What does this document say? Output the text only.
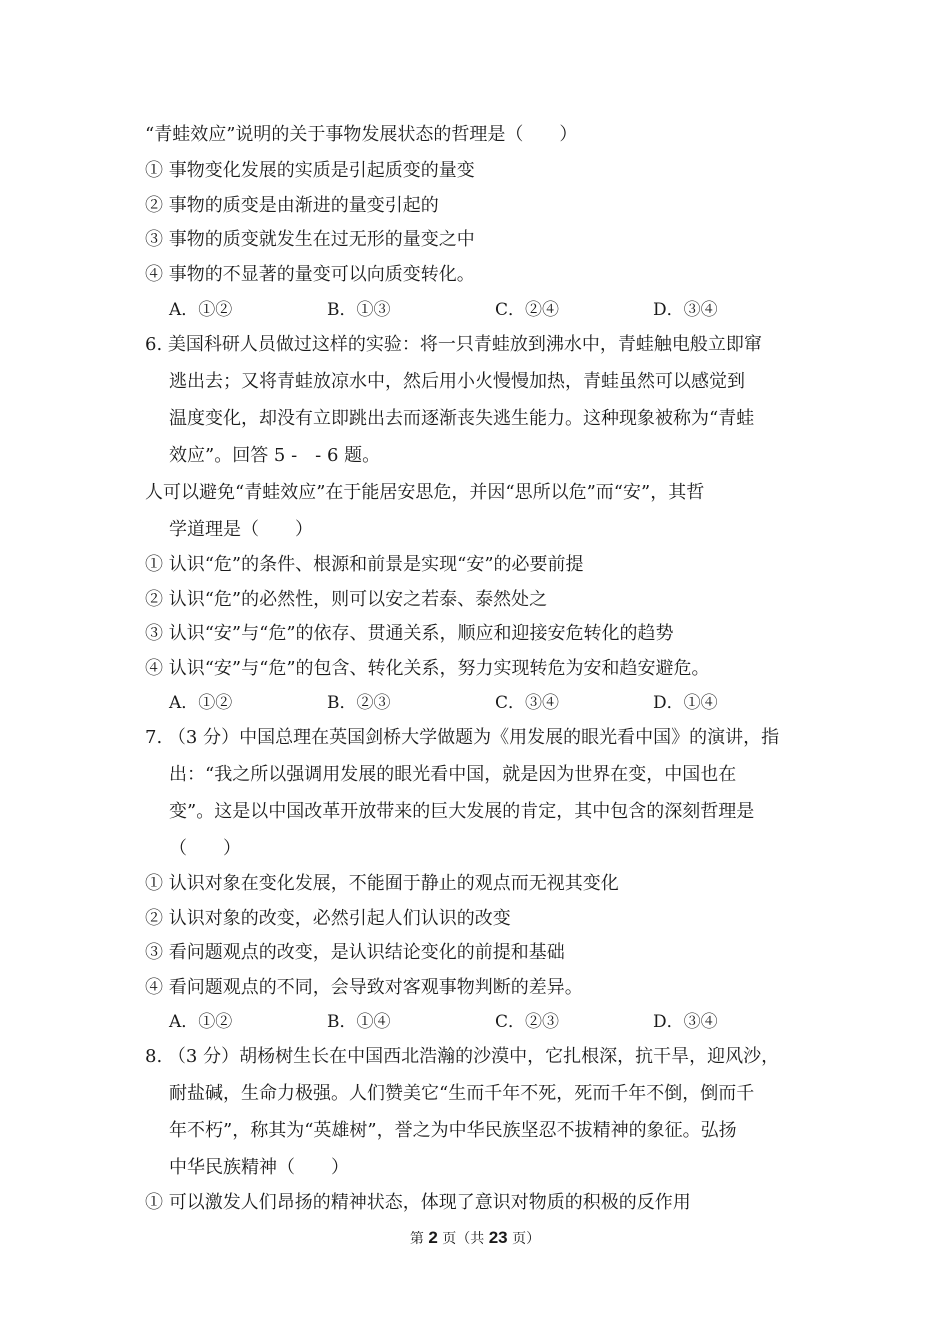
“青蛙效应”说明的关于事物发展状态的哲理是（　　）
① 事物变化发展的实质是引起质变的量变
② 事物的质变是由渐进的量变引起的
③ 事物的质变就发生在过无形的量变之中
④ 事物的不显著的量变可以向质变转化。
A．①②	B．①③	C．②④	D．③④
6. 美国科研人员做过这样的实验：将一只青蛙放到沸水中，青蛙触电般立即窜
逃出去；又将青蛙放凉水中，然后用小火慢慢加热，青蛙虽然可以感觉到
温度变化，却没有立即跳出去而逐渐丧失逃生能力。这种现象被称为“青蛙
效应”。回答 5 -　- 6 题。
人可以避免“青蛙效应”在于能居安思危，并因“思所以危”而“安”，其哲
学道理是（　　）
① 认识“危”的条件、根源和前景是实现“安”的必要前提
② 认识“危”的必然性，则可以安之若泰、泰然处之
③ 认识“安”与“危”的依存、贯通关系，顺应和迎接安危转化的趋势
④ 认识“安”与“危”的包含、转化关系，努力实现转危为安和趋安避危。
A．①②	B．②③	C．③④	D．①④
7. （3 分）中国总理在英国剑桥大学做题为《用发展的眼光看中国》的演讲，指
出：“我之所以强调用发展的眼光看中国，就是因为世界在变，中国也在
变”。这是以中国改革开放带来的巨大发展的肯定，其中包含的深刻哲理是
（　　）
① 认识对象在变化发展，不能囿于静止的观点而无视其变化
② 认识对象的改变，必然引起人们认识的改变
③ 看问题观点的改变，是认识结论变化的前提和基础
④ 看问题观点的不同，会导致对客观事物判断的差异。
A．①②	B．①④	C．②③	D．③④
8. （3 分）胡杨树生长在中国西北浩瀚的沙漠中，它扎根深，抗干旱，迎风沙，
耐盐碱，生命力极强。人们赞美它“生而千年不死，死而千年不倒，倒而千
年不朽”，称其为“英雄树”，誉之为中华民族坚忍不拔精神的象征。弘扬
中华民族精神（　　）
① 可以激发人们昂扬的精神状态，体现了意识对物质的积极的反作用
第 2 页（共 23 页）
